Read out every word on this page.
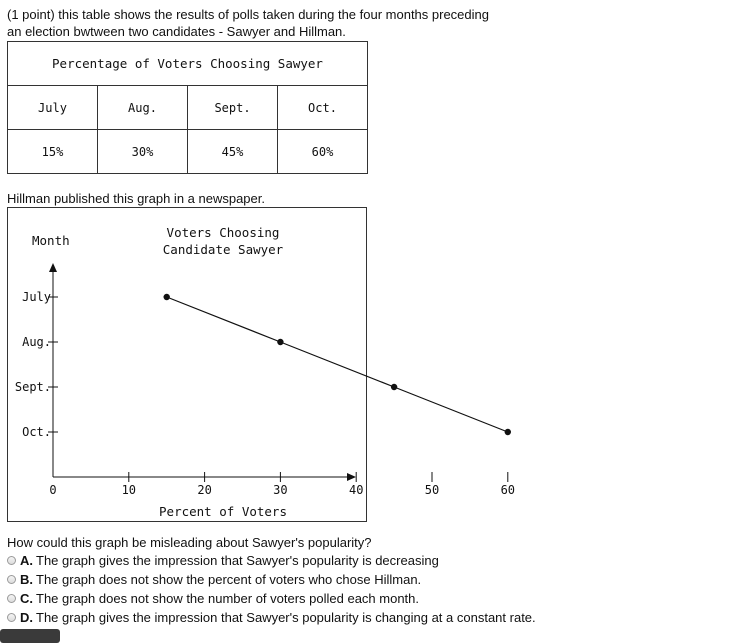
(1 point) this table shows the results of polls taken during the four months preceding
an election bwtween two candidates - Sawyer and Hillman.
Percentage of Voters Choosing Sawyer			
July	Aug.	Sept.	Oct.
15%	30%	45%	60%
Hillman published this graph in a newspaper.
Voters Choosing
Candidate Sawyer
Month
Percent of Voters
0	10	20	30	40	50	60
July
Aug.
Sept.
Oct.
How could this graph be misleading about Sawyer's popularity?
A. The graph gives the impression that Sawyer's popularity is decreasing
B. The graph does not show the percent of voters who chose Hillman.
C. The graph does not show the number of voters polled each month.
D. The graph gives the impression that Sawyer's popularity is changing at a constant rate.
